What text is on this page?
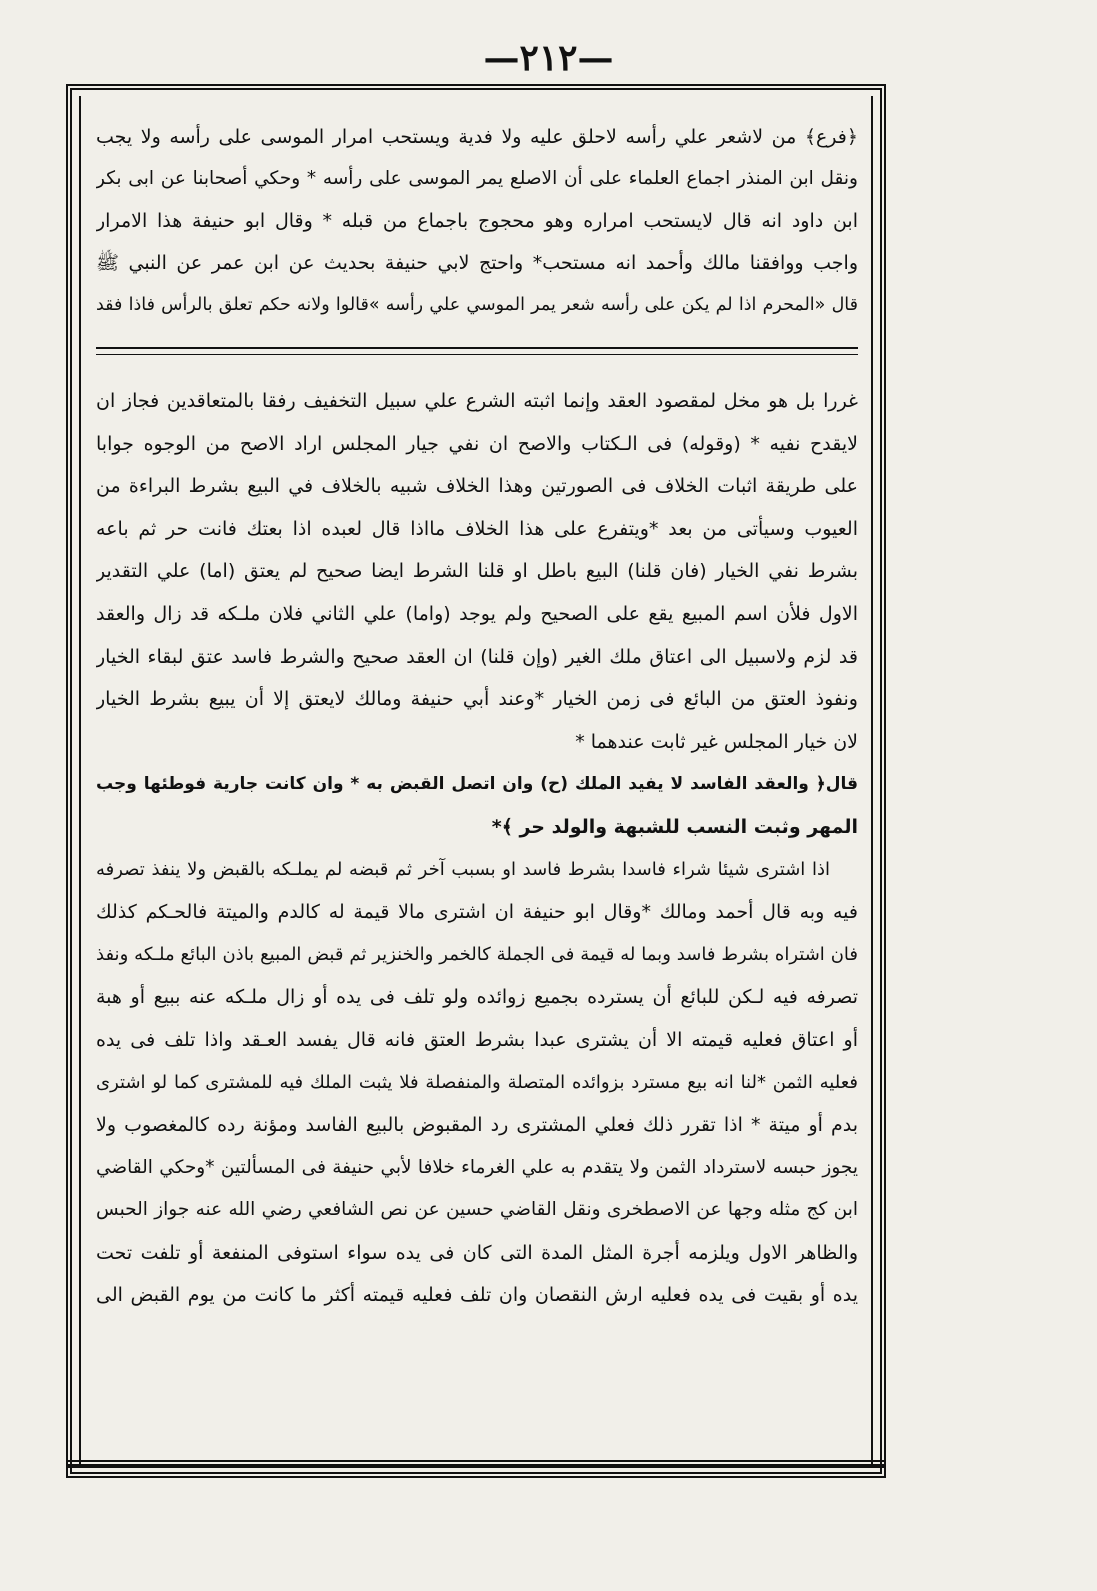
—٢١٢—
﴿فرع﴾ من لاشعر علي رأسه لاحلق عليه ولا فدية ويستحب امرار الموسى على رأسه ولا يجب
ونقل ابن المنذر اجماع العلماء على أن الاصلع يمر الموسى على رأسه * وحكي أصحابنا عن ابى بكر
ابن داود انه قال لايستحب امراره وهو محجوج باجماع من قبله * وقال ابو حنيفة هذا الامرار
واجب ووافقنا مالك وأحمد انه مستحب* واحتج لابي حنيفة بحديث عن ابن عمر عن النبي ﷺ
قال «المحرم اذا لم يكن على رأسه شعر يمر الموسي علي رأسه »قالوا ولانه حكم تعلق بالرأس فاذا فقد
غررا بل هو مخل لمقصود العقد وإنما اثبته الشرع علي سبيل التخفيف رفقا بالمتعاقدين فجاز ان
لايقدح نفيه * (وقوله) فى الـكتاب والاصح ان نفي جيار المجلس اراد الاصح من الوجوه جوابا
على طريقة اثبات الخلاف فى الصورتين وهذا الخلاف شبيه بالخلاف في البيع بشرط البراءة من
العيوب وسيأتى من بعد *ويتفرع على هذا الخلاف مااذا قال لعبده اذا بعتك فانت حر ثم باعه
بشرط نفي الخيار (فان قلنا) البيع باطل او قلنا الشرط ايضا صحيح لم يعتق (اما) علي التقدير
الاول فلأن اسم المبيع يقع على الصحيح ولم يوجد (واما) علي الثاني فلان ملـكه قد زال والعقد
قد لزم ولاسبيل الى اعتاق ملك الغير (وإن قلنا) ان العقد صحيح والشرط فاسد عتق لبقاء الخيار
ونفوذ العتق من البائع فى زمن الخيار *وعند أبي حنيفة ومالك لايعتق إلا أن يبيع بشرط الخيار
لان خيار المجلس غير ثابت عندهما *
قال﴿ والعقد الفاسد لا يفيد الملك (ح) وان اتصل القبض به * وان كانت جارية فوطئها وجب
المهر وثبت النسب للشبهة والولد حر ﴾*
اذا اشترى شيئا شراء فاسدا بشرط فاسد او بسبب آخر ثم قبضه لم يملـكه بالقبض ولا ينفذ تصرفه
فيه وبه قال أحمد ومالك *وقال ابو حنيفة ان اشترى مالا قيمة له كالدم والميتة فالحـكم كذلك
فان اشتراه بشرط فاسد وبما له قيمة فى الجملة كالخمر والخنزير ثم قبض المبيع باذن البائع ملـكه ونفذ
تصرفه فيه لـكن للبائع أن يسترده بجميع زوائده ولو تلف فى يده أو زال ملـكه عنه ببيع أو هبة
أو اعتاق فعليه قيمته الا أن يشترى عبدا بشرط العتق فانه قال يفسد العـقد واذا تلف فى يده
فعليه الثمن *لنا انه بيع مسترد بزوائده المتصلة والمنفصلة فلا يثبت الملك فيه للمشترى كما لو اشترى
بدم أو ميتة * اذا تقرر ذلك فعلي المشترى رد المقبوض بالبيع الفاسد ومؤنة رده كالمغصوب ولا
يجوز حبسه لاسترداد الثمن ولا يتقدم به علي الغرماء خلافا لأبي حنيفة فى المسألتين *وحكي القاضي
ابن كج مثله وجها عن الاصطخرى ونقل القاضي حسين عن نص الشافعي رضي الله عنه جواز الحبس
والظاهر الاول ويلزمه أجرة المثل المدة التى كان فى يده سواء استوفى المنفعة أو تلفت تحت
يده أو بقيت فى يده فعليه ارش النقصان وان تلف فعليه قيمته أكثر ما كانت من يوم القبض الى
